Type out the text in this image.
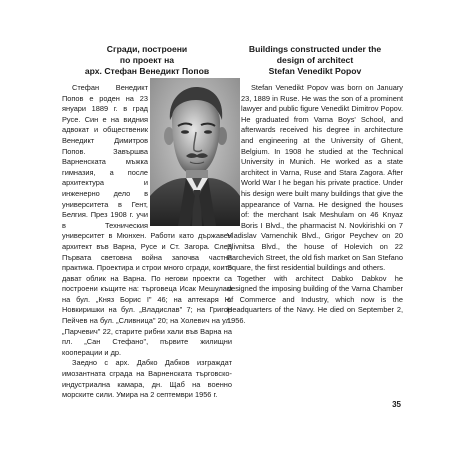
Сгради, построени
по проект на
арх. Стефан Венедикт Попов

Стефан Венедикт Попов е роден на 23 януари 1889 г. в град Русе. Син е на видния адвокат и общественик Венедикт Димитров Попов. Завършва Варненската мъжка гимназия, а после архитектура и инженерно дело в университета в Гент, Белгия. През 1908 г. учи в Техническия университет в Мюнхен. Работи като държавен архитект във Варна, Русе и Ст. Загора. След Първата световна война започва частна практика. Проектира и строи много сгради, които дават облик на Варна. По негови проекти са построени къщите на: търговеца Исак Мешулам на бул. „Княз Борис I" 46; на аптекаря Н. Новкиришки на бул. „Владислав" 7; на Григор Пейчев на бул. „Сливница" 20; на Холевич на ул. „Парчевич" 22, старите рибни хали във Варна на пл. „Сан Стефано", първите жилищни кооперации и др.

Заедно с арх. Дабко Дабков изграждат имозантната сграда на Варненската търговско-индустриална камара, дн. Щаб на военно морските сили. Умира на 2 септември 1956 г.

Buildings constructed under the
design of architect
Stefan Venedikt Popov

Stefan Venedikt Popov was born on January 23, 1889 in Ruse. He was the son of a prominent lawyer and public figure Venedikt Dimitrov Popov. He graduated from Varna Boys' School, and afterwards received his degree in architecture and engineering at the University of Ghent, Belgium. In 1908 he studied at the Technical University in Munich. He worked as a state architect in Varna, Ruse and Stara Zagora. After World War I he began his private practice. Under his design were built many buildings that give the appearance of Varna. He designed the houses of: the merchant Isak Meshulam on 46 Knyaz Boris I Blvd., the pharmacist N. Novkirishki on 7 Vladislav Varnenchik Blvd., Grigor Peychev on 20 Slivnitsa Blvd., the house of Holevich on 22 Parchevich Street, the old fish market on San Stefano Square, the first residential buildings and others.

Together with architect Dabko Dabkov he designed the imposing building of the Varna Chamber of Commerce and Industry, which now is the Headquarters of the Navy. He died on September 2, 1956.

35
